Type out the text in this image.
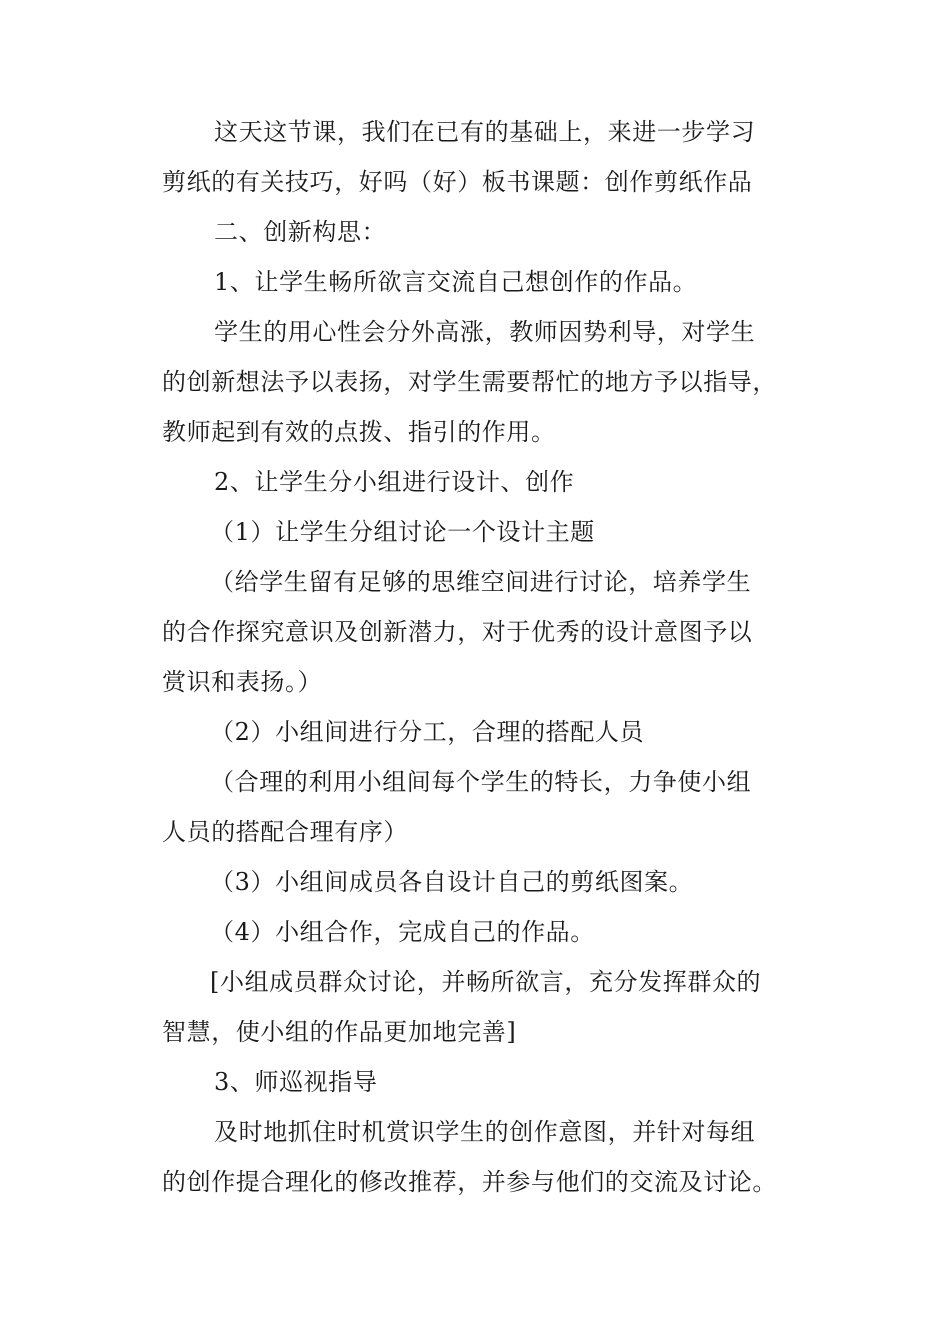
这天这节课，我们在已有的基础上，来进一步学习
剪纸的有关技巧，好吗（好）板书课题：创作剪纸作品
二、创新构思：
1、让学生畅所欲言交流自己想创作的作品。
学生的用心性会分外高涨，教师因势利导，对学生
的创新想法予以表扬，对学生需要帮忙的地方予以指导，
教师起到有效的点拨、指引的作用。
2、让学生分小组进行设计、创作
（1）让学生分组讨论一个设计主题
（给学生留有足够的思维空间进行讨论，培养学生
的合作探究意识及创新潜力，对于优秀的设计意图予以
赏识和表扬。）
（2）小组间进行分工，合理的搭配人员
（合理的利用小组间每个学生的特长，力争使小组
人员的搭配合理有序）
（3）小组间成员各自设计自己的剪纸图案。
（4）小组合作，完成自己的作品。
[小组成员群众讨论，并畅所欲言，充分发挥群众的
智慧，使小组的作品更加地完善]
3、师巡视指导
及时地抓住时机赏识学生的创作意图，并针对每组
的创作提合理化的修改推荐，并参与他们的交流及讨论。
